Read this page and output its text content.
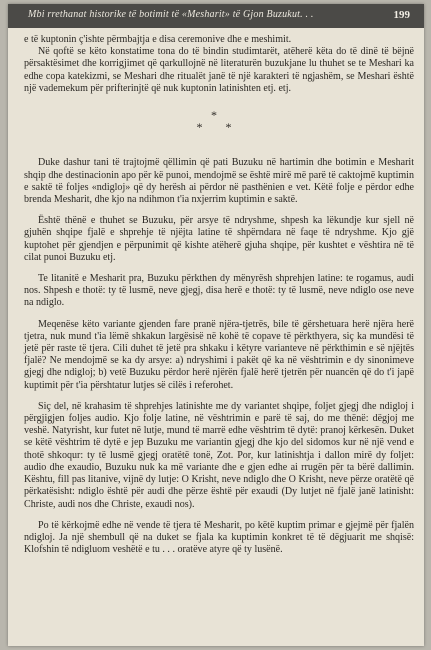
Mbi rrethanat historike të botimit të «Mesharit» të Gjon Buzukut. . .	199

e të kuptonin ç'ishte përmbajtja e disa ceremonive dhe e meshimit.

Në qoftë se këto konstatime tona do të bindin studimtarët, atëherë këta do të dinë të bëjnë përsaktësimet dhe korrigjimet që qarkullojnë në literaturën buzukjane lu thuhet se te Meshari ka edhe copa katekizmi, se Meshari dhe ritualët janë të një karakteri të ngjashëm, se Meshari është një vademekum për prifterinjtë që nuk kuptonin latinishten etj. etj.

*
* *

Duke dashur tani të trajtojmë qëllimin që pati Buzuku në hartimin dhe botimin e Mesharit shqip dhe destinacionin apo për kë punoi, mendojmë se është mirë më parë të caktojmë kuptimin e saktë të foljes «ndigloj» që dy herësh ai përdor në pasthënien e vet. Këtë folje e përdor edhe brenda Mesharit, dhe kjo na ndihmon t'ia nxjerrim kuptimin e saktë.

Është thënë e thuhet se Buzuku, për arsye të ndryshme, shpesh ka lëkundje kur sjell në gjuhën shqipe fjalë e shprehje të njëjta latine të shpërndara në faqe të ndryshme. Kjo gjë kuptohet për gjendjen e përpunimit që kishte atëherë gjuha shqipe, për kushtet e vështira në të cilat punoi Buzuku etj.

Te litanitë e Mesharit pra, Buzuku përkthen dy mënyrësh shprehjen latine: te rogamus, audi nos. Shpesh e thotë: ty të lusmë, neve gjegj, disa herë e thotë: ty të lusmë, neve ndiglo ose neve na ndiglo.

Meqenëse këto variante gjenden fare pranë njëra-tjetrës, bile të gërshetuara herë njëra herë tjetra, nuk mund t'ia lëmë shkakun largësisë në kohë të copave të përkthyera, siç ka mundësi të jetë për raste të tjera. Cili duhet të jetë pra shkaku i këtyre varianteve në përkthimin e së njëjtës fjalë? Ne mendojmë se ka dy arsye: a) ndryshimi i pakët që ka në vështrimin e dy sinonimeve gjegj dhe ndigloj; b) vetë Buzuku përdor herë njërën fjalë herë tjetrën për nuancën që do t'i japë kuptimit për t'ia përshtatur lutjes së cilës i referohet.

Siç del, në krahasim të shprehjes latinishte me dy variantet shqipe, foljet gjegj dhe ndigloj i përgjigjen foljes audio. Kjo folje latine, në vështrimin e parë të saj, do me thënë: dëgjoj me veshë. Natyrisht, kur futet në lutje, mund të marrë edhe vështrim të dytë: pranoj kërkesën. Duket se këtë vështrim të dytë e jep Buzuku me variantin gjegj dhe kjo del sidomos kur në një vend e thotë shkoqur: ty të lusmë gjegj oratëtë tonë, Zot. Por, kur latinishtja i dallon mirë dy foljet: audio dhe exaudio, Buzuku nuk ka më variante dhe e gjen edhe ai rrugën për ta bërë dallimin. Kështu, fill pas litanive, vijnë dy lutje: O Krisht, neve ndiglo dhe O Krisht, neve përze oratëtë që përkatësisht: ndiglo është për audi dhe përze është për exaudi (Dy lutjet në fjalë janë latinisht: Christe, audi nos dhe Christe, exaudi nos).

Po të kërkojmë edhe në vende të tjera të Mesharit, po këtë kuptim primar e gjejmë për fjalën ndigloj. Ja një shembull që na duket se fjala ka kuptimin konkret të të dëgjuarit me shqisë: Klofshin të ndigluom veshëtë e tu . . . oratëve atyre që ty lusënë.
